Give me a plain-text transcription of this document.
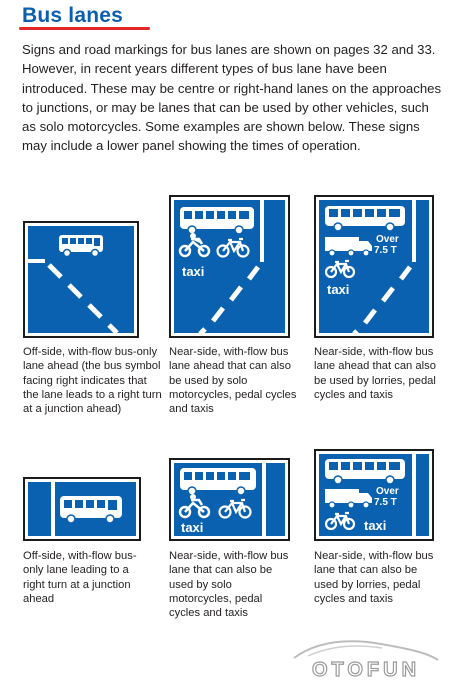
Bus lanes
Signs and road markings for bus lanes are shown on pages 32 and 33. However, in recent years different types of bus lane have been introduced. These may be centre or right-hand lanes on the approaches to junctions, or may be lanes that can be used by other vehicles, such as solo motorcycles. Some examples are shown below. These signs may include a lower panel showing the times of operation.
Off-side, with-flow bus-only lane ahead (the bus symbol facing right indicates that the lane leads to a right turn at a junction ahead)
taxi
Near-side, with-flow bus lane ahead that can also be used by solo motorcycles, pedal cycles and taxis
Over
7.5 T
taxi
Near-side, with-flow bus lane ahead that can also be used by lorries, pedal cycles and taxis
Off-side, with-flow bus-only lane leading to a right turn at a junction ahead
taxi
Near-side, with-flow bus lane that can also be used by solo motorcycles, pedal cycles and taxis
Over
7.5 T
taxi
Near-side, with-flow bus lane that can also be used by lorries, pedal cycles and taxis
OTOFUN
